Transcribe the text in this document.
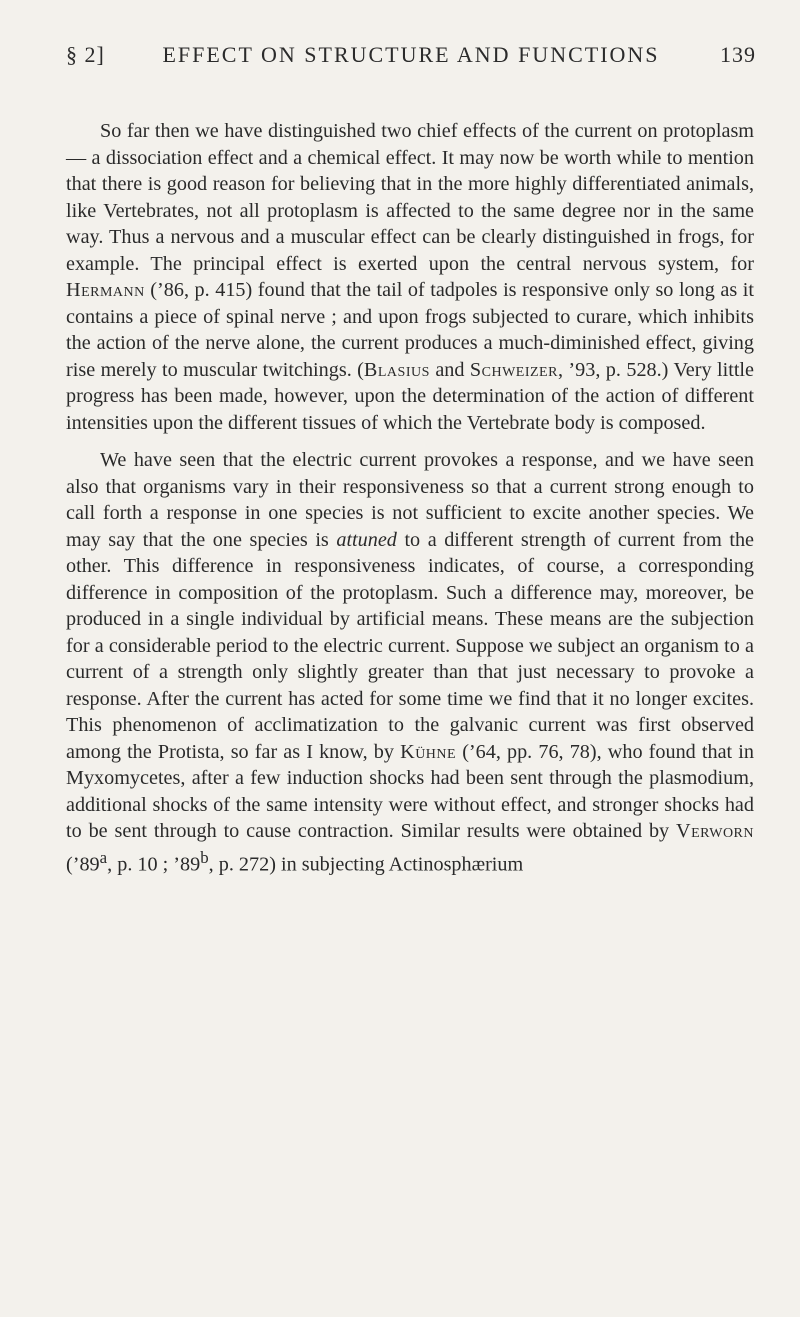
§ 2]	EFFECT ON STRUCTURE AND FUNCTIONS	139

So far then we have distinguished two chief effects of the current on protoplasm — a dissociation effect and a chemical effect. It may now be worth while to mention that there is good reason for believing that in the more highly differentiated animals, like Vertebrates, not all protoplasm is affected to the same degree nor in the same way. Thus a nervous and a muscular effect can be clearly distinguished in frogs, for example. The principal effect is exerted upon the central nervous system, for Hermann (’86, p. 415) found that the tail of tadpoles is responsive only so long as it contains a piece of spinal nerve ; and upon frogs subjected to curare, which inhibits the action of the nerve alone, the current produces a much-diminished effect, giving rise merely to muscular twitchings. (Blasius and Schweizer, ’93, p. 528.) Very little progress has been made, however, upon the determination of the action of different intensities upon the different tissues of which the Vertebrate body is composed.

We have seen that the electric current provokes a response, and we have seen also that organisms vary in their responsiveness so that a current strong enough to call forth a response in one species is not sufficient to excite another species. We may say that the one species is attuned to a different strength of current from the other. This difference in responsiveness indicates, of course, a corresponding difference in composition of the protoplasm. Such a difference may, moreover, be produced in a single individual by artificial means. These means are the subjection for a considerable period to the electric current. Suppose we subject an organism to a current of a strength only slightly greater than that just necessary to provoke a response. After the current has acted for some time we find that it no longer excites. This phenomenon of acclimatization to the galvanic current was first observed among the Protista, so far as I know, by Kühne (’64, pp. 76, 78), who found that in Myxomycetes, after a few induction shocks had been sent through the plasmodium, additional shocks of the same intensity were without effect, and stronger shocks had to be sent through to cause contraction. Similar results were obtained by Verworn (’89$^a$, p. 10 ; ’89$^b$, p. 272) in subjecting Actinosphærium
